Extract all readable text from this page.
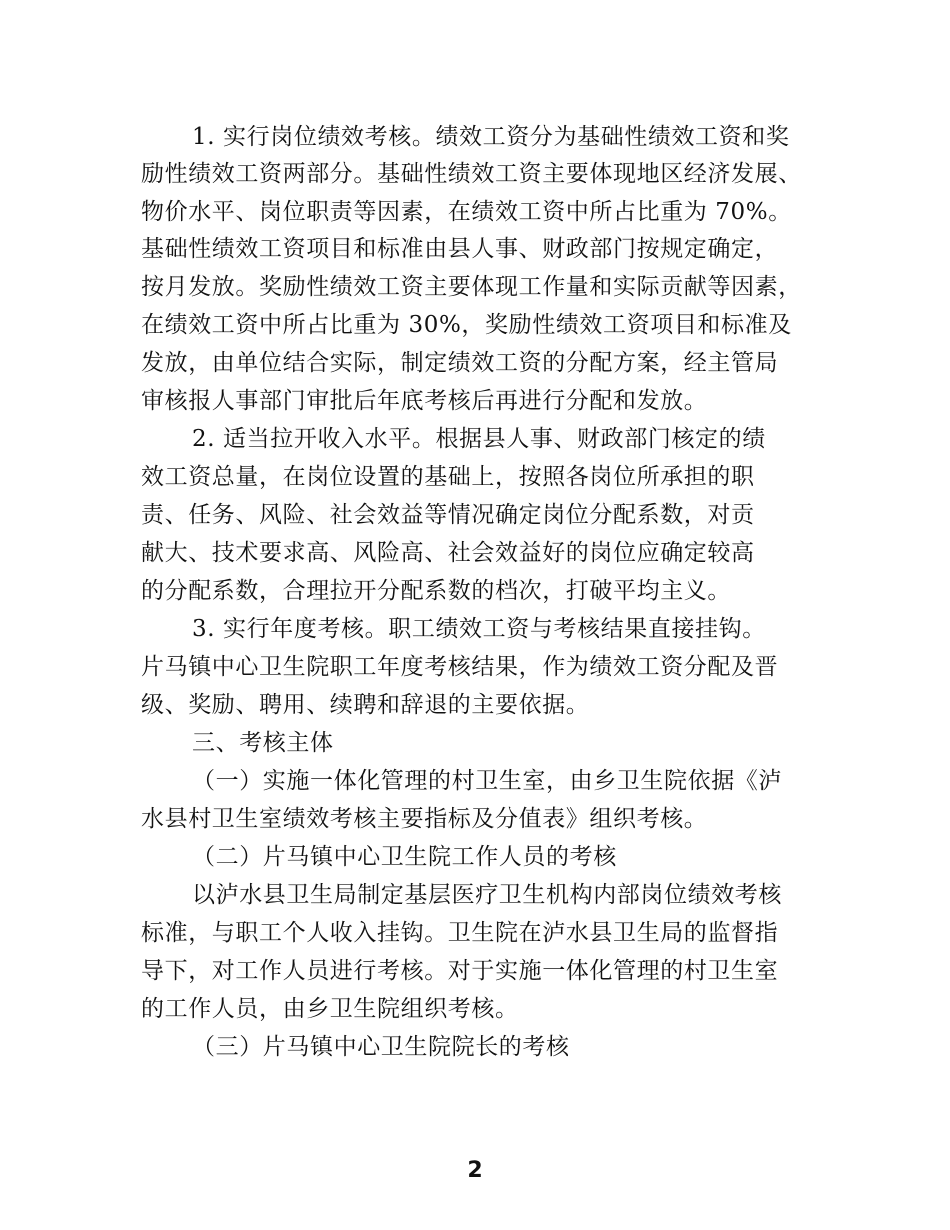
1. 实行岗位绩效考核。绩效工资分为基础性绩效工资和奖
励性绩效工资两部分。基础性绩效工资主要体现地区经济发展、
物价水平、岗位职责等因素，在绩效工资中所占比重为 70%。
基础性绩效工资项目和标准由县人事、财政部门按规定确定，
按月发放。奖励性绩效工资主要体现工作量和实际贡献等因素，
在绩效工资中所占比重为 30%，奖励性绩效工资项目和标准及
发放，由单位结合实际，制定绩效工资的分配方案，经主管局
审核报人事部门审批后年底考核后再进行分配和发放。
2. 适当拉开收入水平。根据县人事、财政部门核定的绩
效工资总量，在岗位设置的基础上，按照各岗位所承担的职
责、任务、风险、社会效益等情况确定岗位分配系数，对贡
献大、技术要求高、风险高、社会效益好的岗位应确定较高
的分配系数，合理拉开分配系数的档次，打破平均主义。
3. 实行年度考核。职工绩效工资与考核结果直接挂钩。
片马镇中心卫生院职工年度考核结果，作为绩效工资分配及晋
级、奖励、聘用、续聘和辞退的主要依据。
三、考核主体
（一）实施一体化管理的村卫生室，由乡卫生院依据《泸
水县村卫生室绩效考核主要指标及分值表》组织考核。
（二）片马镇中心卫生院工作人员的考核
以泸水县卫生局制定基层医疗卫生机构内部岗位绩效考核
标准，与职工个人收入挂钩。卫生院在泸水县卫生局的监督指
导下，对工作人员进行考核。对于实施一体化管理的村卫生室
的工作人员，由乡卫生院组织考核。
（三）片马镇中心卫生院院长的考核
2
